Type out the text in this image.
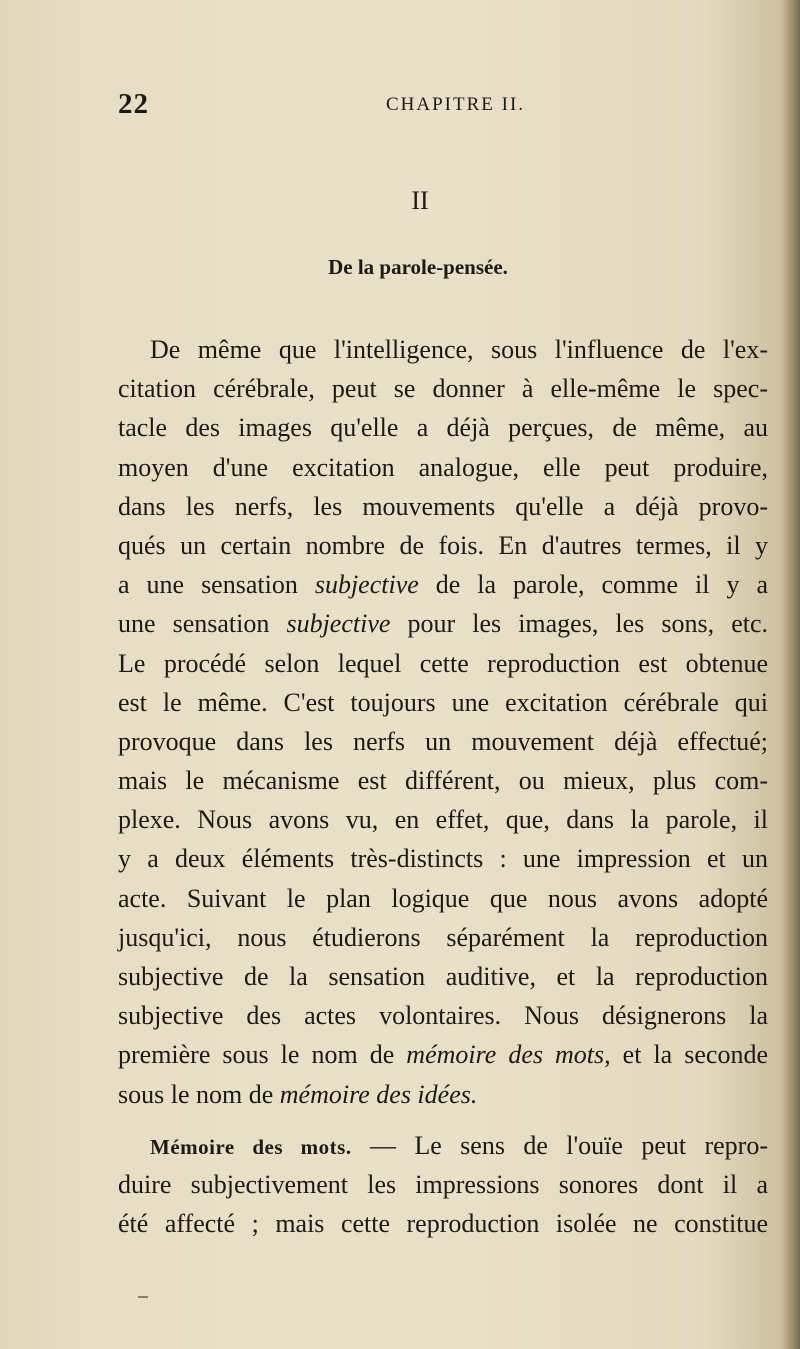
22	CHAPITRE II.
II
De la parole-pensée.
De même que l'intelligence, sous l'influence de l'ex-
citation cérébrale, peut se donner à elle-même le spec-
tacle des images qu'elle a déjà perçues, de même, au
moyen d'une excitation analogue, elle peut produire,
dans les nerfs, les mouvements qu'elle a déjà provo-
qués un certain nombre de fois. En d'autres termes, il y
a une sensation subjective de la parole, comme il y a
une sensation subjective pour les images, les sons, etc.
Le procédé selon lequel cette reproduction est obtenue
est le même. C'est toujours une excitation cérébrale qui
provoque dans les nerfs un mouvement déjà effectué;
mais le mécanisme est différent, ou mieux, plus com-
plexe. Nous avons vu, en effet, que, dans la parole, il
y a deux éléments très-distincts : une impression et un
acte. Suivant le plan logique que nous avons adopté
jusqu'ici, nous étudierons séparément la reproduction
subjective de la sensation auditive, et la reproduction
subjective des actes volontaires. Nous désignerons la
première sous le nom de mémoire des mots, et la seconde
sous le nom de mémoire des idées.
Mémoire des mots. — Le sens de l'ouïe peut repro-
duire subjectivement les impressions sonores dont il a
été affecté ; mais cette reproduction isolée ne constitue
